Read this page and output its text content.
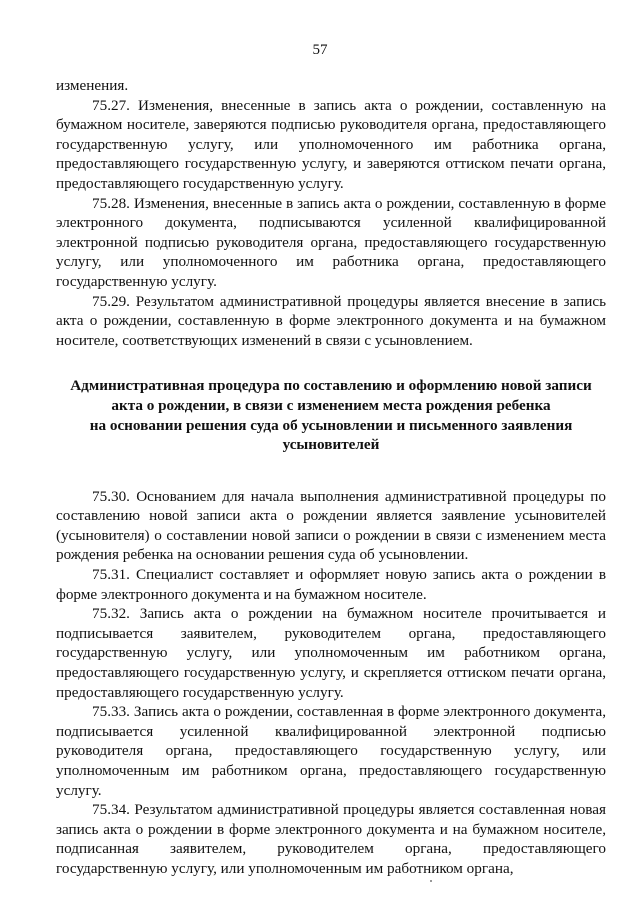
57

изменения.

75.27. Изменения, внесенные в запись акта о рождении, составленную на бумажном носителе, заверяются подписью руководителя органа, предоставляющего государственную услугу, или уполномоченного им работника органа, предоставляющего государственную услугу, и заверяются оттиском печати органа, предоставляющего государственную услугу.

75.28. Изменения, внесенные в запись акта о рождении, составленную в форме электронного документа, подписываются усиленной квалифицированной электронной подписью руководителя органа, предоставляющего государственную услугу, или уполномоченного им работника органа, предоставляющего государственную услугу.

75.29. Результатом административной процедуры является внесение в запись акта о рождении, составленную в форме электронного документа и на бумажном носителе, соответствующих изменений в связи с усыновлением.

Административная процедура по составлению и оформлению новой записи
акта о рождении, в связи с изменением места рождения ребенка
на основании решения суда об усыновлении и письменного заявления
усыновителей

75.30. Основанием для начала выполнения административной процедуры по составлению новой записи акта о рождении является заявление усыновителей (усыновителя) о составлении новой записи о рождении в связи с изменением места рождения ребенка на основании решения суда об усыновлении.

75.31. Специалист составляет и оформляет новую запись акта о рождении в форме электронного документа и на бумажном носителе.

75.32. Запись акта о рождении на бумажном носителе прочитывается и подписывается заявителем, руководителем органа, предоставляющего государственную услугу, или уполномоченным им работником органа, предоставляющего государственную услугу, и скрепляется оттиском печати органа, предоставляющего государственную услугу.

75.33. Запись акта о рождении, составленная в форме электронного документа, подписывается усиленной квалифицированной электронной подписью руководителя органа, предоставляющего государственную услугу, или уполномоченным им работником органа, предоставляющего государственную услугу.

75.34. Результатом административной процедуры является составленная новая запись акта о рождении в форме электронного документа и на бумажном носителе, подписанная заявителем, руководителем органа, предоставляющего государственную услугу, или уполномоченным им работником органа,
